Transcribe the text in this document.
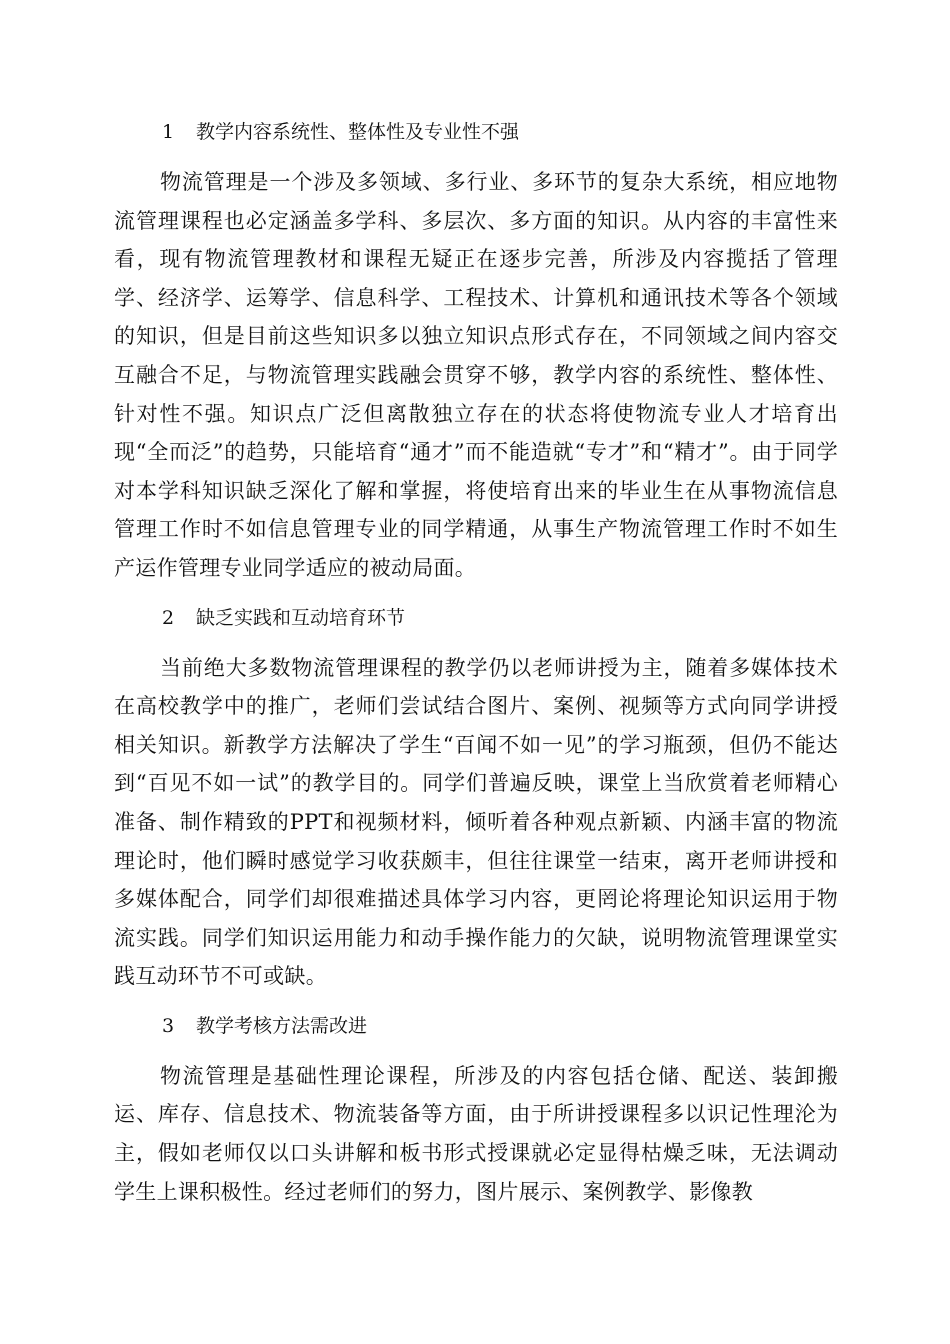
1 教学内容系统性、整体性及专业性不强

物流管理是一个涉及多领域、多行业、多环节的复杂大系统，相应地物流管理课程也必定涵盖多学科、多层次、多方面的知识。从内容的丰富性来看，现有物流管理教材和课程无疑正在逐步完善，所涉及内容揽括了管理学、经济学、运筹学、信息科学、工程技术、计算机和通讯技术等各个领域的知识，但是目前这些知识多以独立知识点形式存在，不同领域之间内容交互融合不足，与物流管理实践融会贯穿不够，教学内容的系统性、整体性、针对性不强。知识点广泛但离散独立存在的状态将使物流专业人才培育出现“全而泛”的趋势，只能培育“通才”而不能造就“专才”和“精才”。由于同学对本学科知识缺乏深化了解和掌握，将使培育出来的毕业生在从事物流信息管理工作时不如信息管理专业的同学精通，从事生产物流管理工作时不如生产运作管理专业同学适应的被动局面。

2 缺乏实践和互动培育环节

当前绝大多数物流管理课程的教学仍以老师讲授为主，随着多媒体技术在高校教学中的推广，老师们尝试结合图片、案例、视频等方式向同学讲授相关知识。新教学方法解决了学生“百闻不如一见”的学习瓶颈，但仍不能达到“百见不如一试”的教学目的。同学们普遍反映，课堂上当欣赏着老师精心准备、制作精致的PPT和视频材料，倾听着各种观点新颖、内涵丰富的物流理论时，他们瞬时感觉学习收获颇丰，但往往课堂一结束，离开老师讲授和多媒体配合，同学们却很难描述具体学习内容，更罔论将理论知识运用于物流实践。同学们知识运用能力和动手操作能力的欠缺，说明物流管理课堂实践互动环节不可或缺。

3 教学考核方法需改进

物流管理是基础性理论课程，所涉及的内容包括仓储、配送、装卸搬运、库存、信息技术、物流装备等方面，由于所讲授课程多以识记性理沦为主，假如老师仅以口头讲解和板书形式授课就必定显得枯燥乏味，无法调动学生上课积极性。经过老师们的努力，图片展示、案例教学、影像教
